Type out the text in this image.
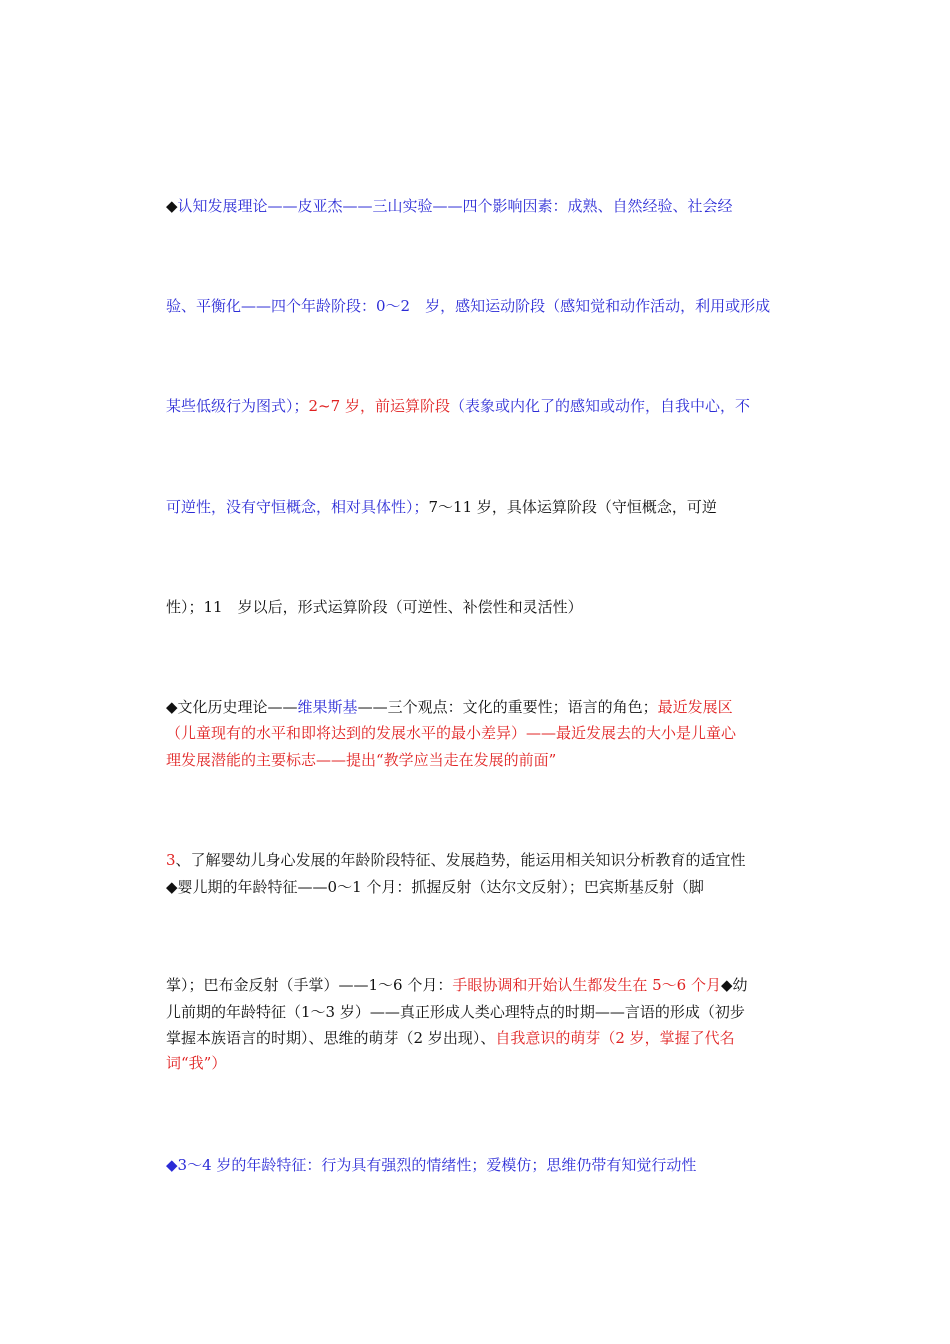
◆认知发展理论——皮亚杰——三山实验——四个影响因素：成熟、自然经验、社会经
验、平衡化——四个年龄阶段：0～2　岁，感知运动阶段（感知觉和动作活动，利用或形成
某些低级行为图式）；2~7 岁，前运算阶段（表象或内化了的感知或动作，自我中心，不
可逆性，没有守恒概念，相对具体性）；7～11 岁，具体运算阶段（守恒概念，可逆
性）；11　岁以后，形式运算阶段（可逆性、补偿性和灵活性）
◆文化历史理论——维果斯基——三个观点：文化的重要性；语言的角色；最近发展区
（儿童现有的水平和即将达到的发展水平的最小差异）——最近发展去的大小是儿童心
理发展潜能的主要标志——提出“教学应当走在发展的前面”
3、了解婴幼儿身心发展的年龄阶段特征、发展趋势，能运用相关知识分析教育的适宜性
◆婴儿期的年龄特征——0～1 个月：抓握反射（达尔文反射）；巴宾斯基反射（脚
掌）；巴布金反射（手掌）——1～6 个月：手眼协调和开始认生都发生在 5～6 个月◆幼
儿前期的年龄特征（1～3 岁）——真正形成人类心理特点的时期——言语的形成（初步
掌握本族语言的时期）、思维的萌芽（2 岁出现）、自我意识的萌芽（2 岁，掌握了代名
词“我”）
◆3～4 岁的年龄特征：行为具有强烈的情绪性；爱模仿；思维仍带有知觉行动性
